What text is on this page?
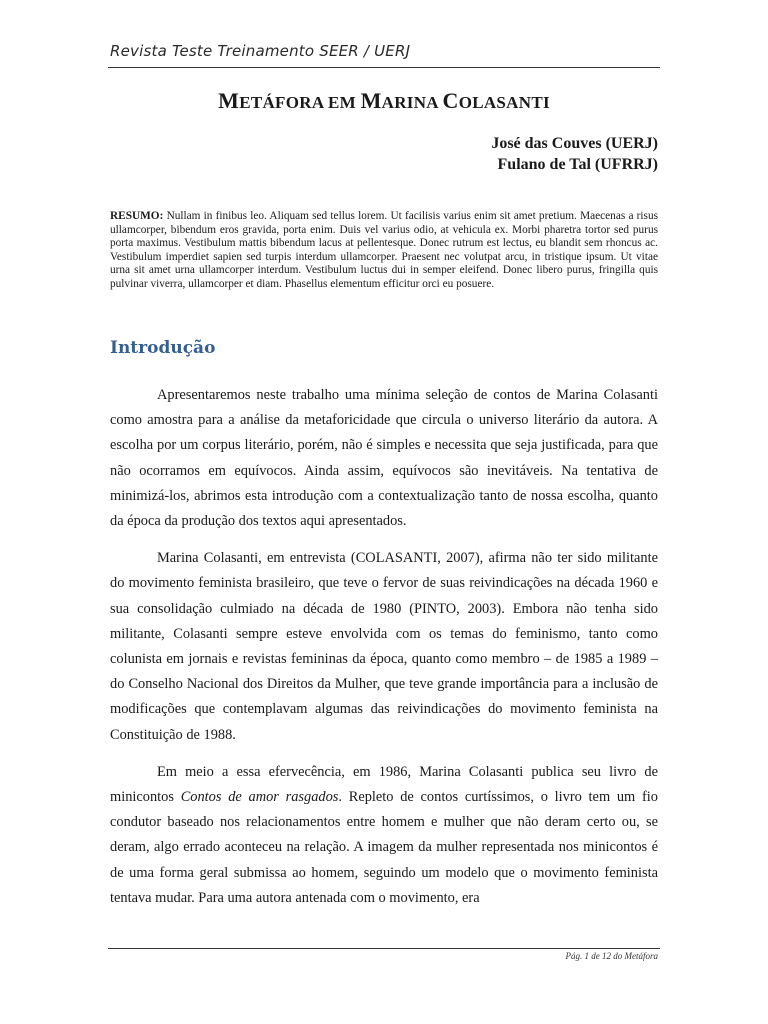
Revista Teste Treinamento SEER / UERJ
METÁFORA EM MARINA COLASANTI
José das Couves (UERJ)
Fulano de Tal (UFRRJ)
RESUMO: Nullam in finibus leo. Aliquam sed tellus lorem. Ut facilisis varius enim sit amet pretium. Maecenas a risus ullamcorper, bibendum eros gravida, porta enim. Duis vel varius odio, at vehicula ex. Morbi pharetra tortor sed purus porta maximus. Vestibulum mattis bibendum lacus at pellentesque. Donec rutrum est lectus, eu blandit sem rhoncus ac. Vestibulum imperdiet sapien sed turpis interdum ullamcorper. Praesent nec volutpat arcu, in tristique ipsum. Ut vitae urna sit amet urna ullamcorper interdum. Vestibulum luctus dui in semper eleifend. Donec libero purus, fringilla quis pulvinar viverra, ullamcorper et diam. Phasellus elementum efficitur orci eu posuere.
Introdução

Apresentaremos neste trabalho uma mínima seleção de contos de Marina Colasanti como amostra para a análise da metaforicidade que circula o universo literário da autora. A escolha por um corpus literário, porém, não é simples e necessita que seja justificada, para que não ocorramos em equívocos. Ainda assim, equívocos são inevitáveis. Na tentativa de minimizá-los, abrimos esta introdução com a contextualização tanto de nossa escolha, quanto da época da produção dos textos aqui apresentados.

Marina Colasanti, em entrevista (COLASANTI, 2007), afirma não ter sido militante do movimento feminista brasileiro, que teve o fervor de suas reivindicações na década 1960 e sua consolidação culmiado na década de 1980 (PINTO, 2003). Embora não tenha sido militante, Colasanti sempre esteve envolvida com os temas do feminismo, tanto como colunista em jornais e revistas femininas da época, quanto como membro – de 1985 a 1989 – do Conselho Nacional dos Direitos da Mulher, que teve grande importância para a inclusão de modificações que contemplavam algumas das reivindicações do movimento feminista na Constituição de 1988.

Em meio a essa efervecência, em 1986, Marina Colasanti publica seu livro de minicontos Contos de amor rasgados. Repleto de contos curtíssimos, o livro tem um fio condutor baseado nos relacionamentos entre homem e mulher que não deram certo ou, se deram, algo errado aconteceu na relação. A imagem da mulher representada nos minicontos é de uma forma geral submissa ao homem, seguindo um modelo que o movimento feminista tentava mudar. Para uma autora antenada com o movimento, era

Pág. 1 de 12 do Metáfora
